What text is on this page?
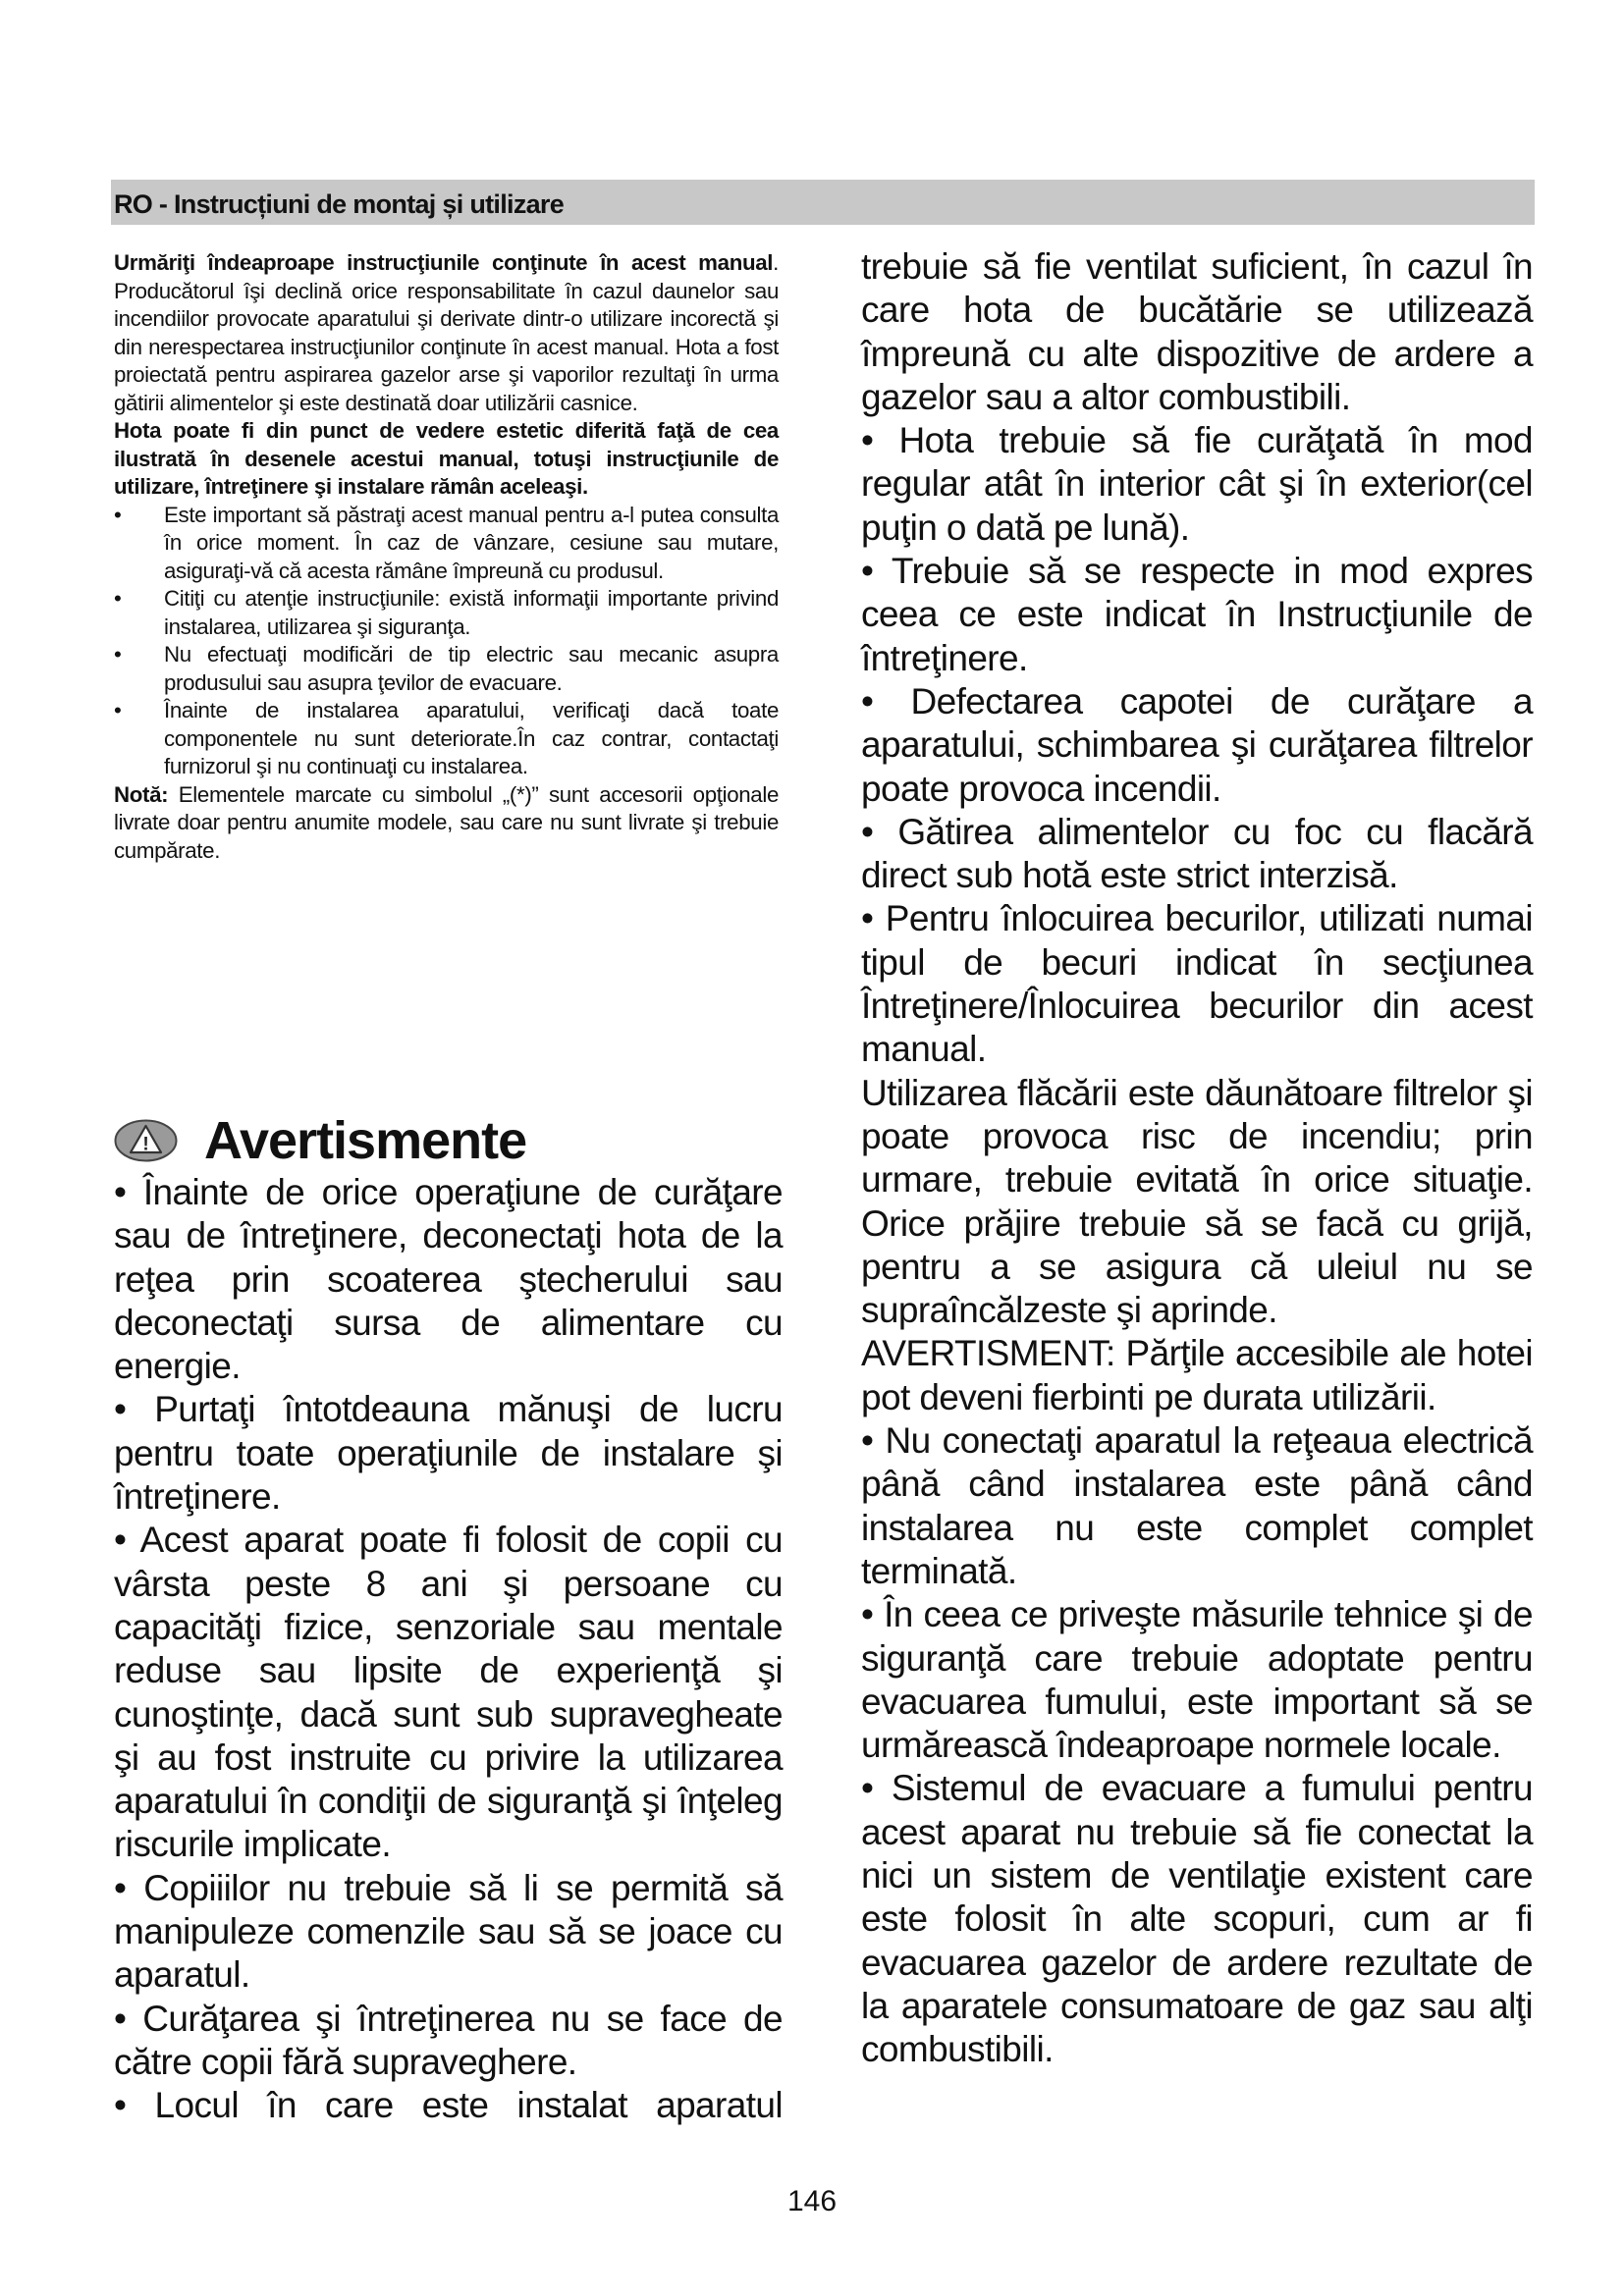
RO - Instrucțiuni de montaj și utilizare

Urmăriţi îndeaproape instrucţiunile conţinute în acest manual. Producătorul îşi declină orice responsabilitate în cazul daunelor sau incendiilor provocate aparatului şi derivate dintr-o utilizare incorectă şi din nerespectarea instrucţiunilor conţinute în acest manual. Hota a fost proiectată pentru aspirarea gazelor arse şi vaporilor rezultaţi în urma gătirii alimentelor şi este destinată doar utilizării casnice.

Hota poate fi din punct de vedere estetic diferită faţă de cea ilustrată în desenele acestui manual, totuşi instrucţiunile de utilizare, întreţinere şi instalare rămân aceleaşi.

• Este important să păstraţi acest manual pentru a-l putea consulta în orice moment. În caz de vânzare, cesiune sau mutare, asiguraţi-vă că acesta rămâne împreună cu produsul.
• Citiţi cu atenţie instrucţiunile: există informaţii importante privind instalarea, utilizarea şi siguranţa.
• Nu efectuaţi modificări de tip electric sau mecanic asupra produsului sau asupra ţevilor de evacuare.
• Înainte de instalarea aparatului, verificaţi dacă toate componentele nu sunt deteriorate.În caz contrar, contactaţi furnizorul şi nu continuaţi cu instalarea.

Notă: Elementele marcate cu simbolul „(*)” sunt accesorii opţionale livrate doar pentru anumite modele, sau care nu sunt livrate şi trebuie cumpărate.

! Avertismente

• Înainte de orice operaţiune de curăţare sau de întreţinere, deconectaţi hota de la reţea prin scoaterea ştecherului sau deconectaţi sursa de alimentare cu energie.

• Purtaţi întotdeauna mănuşi de lucru pentru toate operaţiunile de instalare şi întreţinere.

• Acest aparat poate fi folosit de copii cu vârsta peste 8 ani şi persoane cu capacităţi fizice, senzoriale sau mentale reduse sau lipsite de experienţă şi cunoştinţe, dacă sunt sub supravegheate şi au fost instruite cu privire la utilizarea aparatului în condiţii de siguranţă şi înţeleg riscurile implicate.

• Copiiilor nu trebuie să li se permită să manipuleze comenzile sau să se joace cu aparatul.

• Curăţarea şi întreţinerea nu se face de către copii fără supraveghere.

• Locul în care este instalat aparatul

trebuie să fie ventilat suficient, în cazul în care hota de bucătărie se utilizează împreună cu alte dispozitive de ardere a gazelor sau a altor combustibili.

• Hota trebuie să fie curăţată în mod regular atât în interior cât şi în exterior(cel puţin o dată pe lună).

• Trebuie să se respecte in mod expres ceea ce este indicat în Instrucţiunile de întreţinere.

• Defectarea capotei de curăţare a aparatului, schimbarea şi curăţarea filtrelor poate provoca incendii.

• Gătirea alimentelor cu foc cu flacără direct sub hotă este strict interzisă.

• Pentru înlocuirea becurilor, utilizati numai tipul de becuri indicat în secţiunea Întreţinere/Înlocuirea becurilor din acest manual.

Utilizarea flăcării este dăunătoare filtrelor şi poate provoca risc de incendiu; prin urmare, trebuie evitată în orice situaţie. Orice prăjire trebuie să se facă cu grijă, pentru a se asigura că uleiul nu se supraîncălzeste şi aprinde.

AVERTISMENT: Părţile accesibile ale hotei pot deveni fierbinti pe durata utilizării.

• Nu conectaţi aparatul la reţeaua electrică până când instalarea este până când instalarea nu este complet complet terminată.

• În ceea ce priveşte măsurile tehnice şi de siguranţă care trebuie adoptate pentru evacuarea fumului, este important să se urmărească îndeaproape normele locale.

• Sistemul de evacuare a fumului pentru acest aparat nu trebuie să fie conectat la nici un sistem de ventilaţie existent care este folosit în alte scopuri, cum ar fi evacuarea gazelor de ardere rezultate de la aparatele consumatoare de gaz sau alţi combustibili.

146
